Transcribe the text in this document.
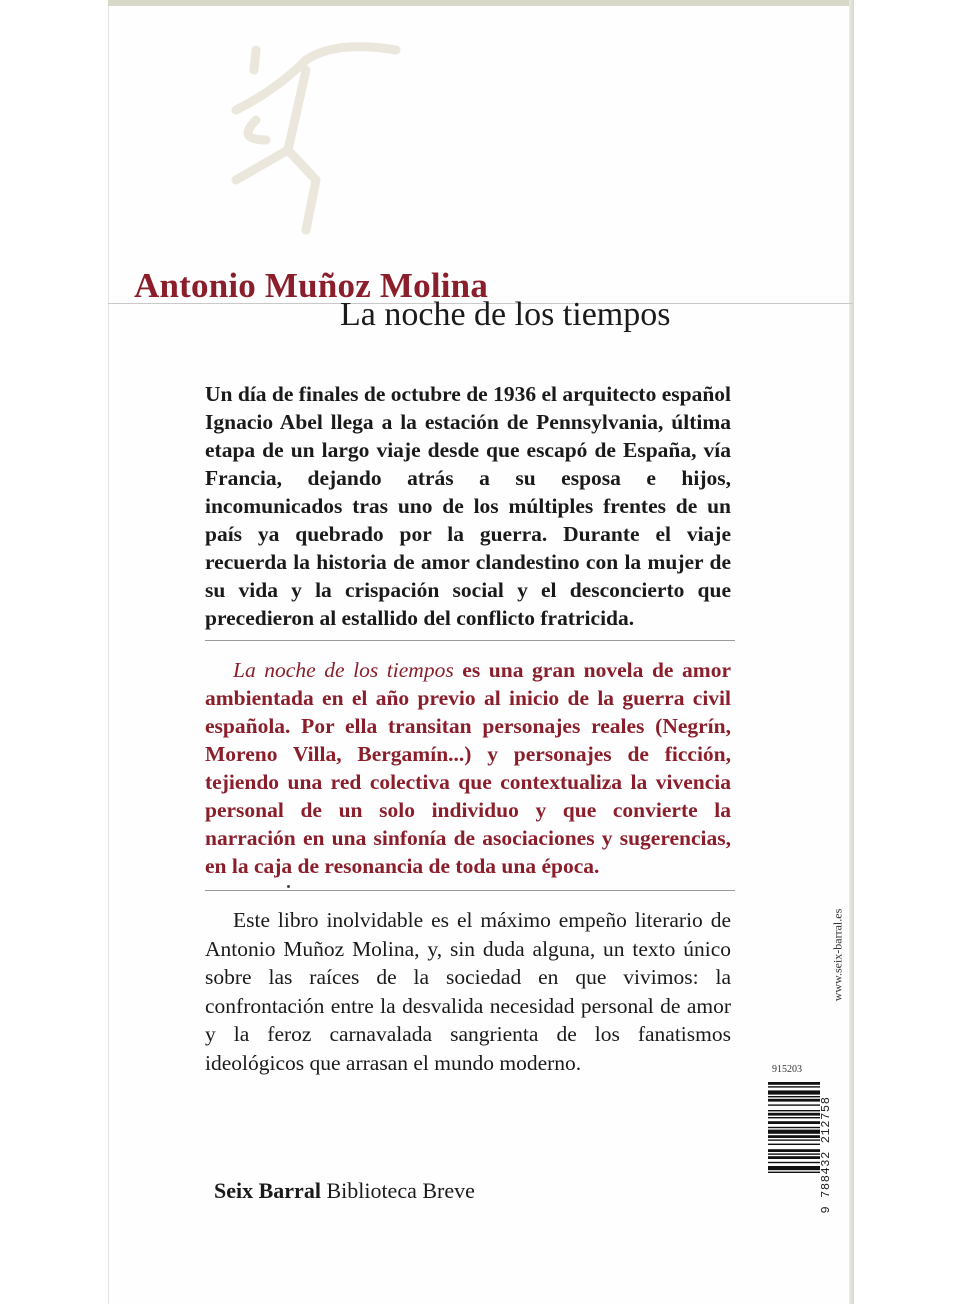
Antonio Muñoz Molina
La noche de los tiempos

Un día de finales de octubre de 1936 el arquitecto español Ignacio Abel llega a la estación de Pennsylvania, última etapa de un largo viaje desde que escapó de España, vía Francia, dejando atrás a su esposa e hijos, incomunicados tras uno de los múltiples frentes de un país ya quebrado por la guerra. Durante el viaje recuerda la historia de amor clandestino con la mujer de su vida y la crispación social y el desconcierto que precedieron al estallido del conflicto fratricida.

La noche de los tiempos es una gran novela de amor ambientada en el año previo al inicio de la guerra civil española. Por ella transitan personajes reales (Negrín, Moreno Villa, Bergamín...) y personajes de ficción, tejiendo una red colectiva que contextualiza la vivencia personal de un solo individuo y que convierte la narración en una sinfonía de asociaciones y sugerencias, en la caja de resonancia de toda una época.

Este libro inolvidable es el máximo empeño literario de Antonio Muñoz Molina, y, sin duda alguna, un texto único sobre las raíces de la sociedad en que vivimos: la confrontación entre la desvalida necesidad personal de amor y la feroz carnavalada sangrienta de los fanatismos ideológicos que arrasan el mundo moderno.

Seix Barral Biblioteca Breve
www.seix-barral.es
915203
9 788432 212758
